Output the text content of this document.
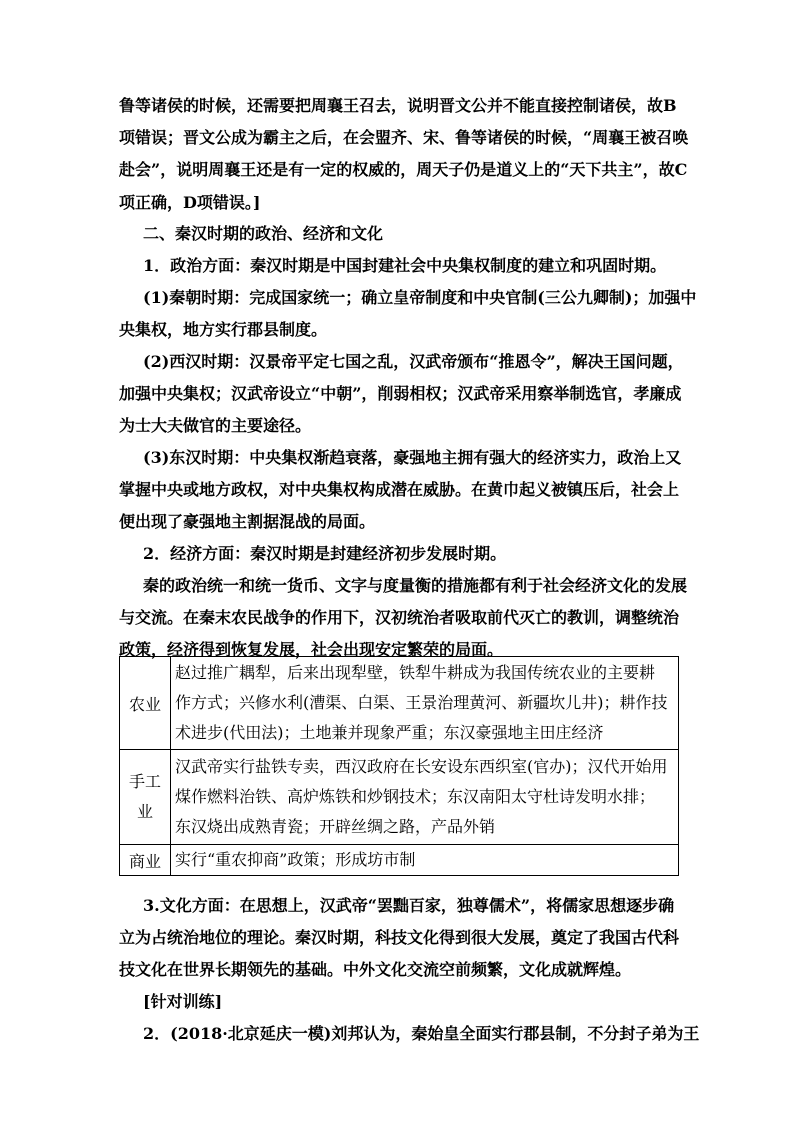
鲁等诸侯的时候，还需要把周襄王召去，说明晋文公并不能直接控制诸侯，故B
项错误；晋文公成为霸主之后，在会盟齐、宋、鲁等诸侯的时候，“周襄王被召唤
赴会”，说明周襄王还是有一定的权威的，周天子仍是道义上的“天下共主”，故C
项正确，D项错误。]
二、秦汉时期的政治、经济和文化
1．政治方面：秦汉时期是中国封建社会中央集权制度的建立和巩固时期。
(1)秦朝时期：完成国家统一；确立皇帝制度和中央官制(三公九卿制)；加强中
央集权，地方实行郡县制度。
(2)西汉时期：汉景帝平定七国之乱，汉武帝颁布“推恩令”，解决王国问题，
加强中央集权；汉武帝设立“中朝”，削弱相权；汉武帝采用察举制选官，孝廉成
为士大夫做官的主要途径。
(3)东汉时期：中央集权渐趋衰落，豪强地主拥有强大的经济实力，政治上又
掌握中央或地方政权，对中央集权构成潜在威胁。在黄巾起义被镇压后，社会上
便出现了豪强地主割据混战的局面。
2．经济方面：秦汉时期是封建经济初步发展时期。
秦的政治统一和统一货币、文字与度量衡的措施都有利于社会经济文化的发展
与交流。在秦末农民战争的作用下，汉初统治者吸取前代灭亡的教训，调整统治
政策，经济得到恢复发展，社会出现安定繁荣的局面。
3.文化方面：在思想上，汉武帝“罢黜百家，独尊儒术”，将儒家思想逐步确
立为占统治地位的理论。秦汉时期，科技文化得到很大发展，奠定了我国古代科
技文化在世界长期领先的基础。中外文化交流空前频繁，文化成就辉煌。
[针对训练]
2．(2018·北京延庆一模)刘邦认为，秦始皇全面实行郡县制，不分封子弟为王
农业	赵过推广耦犁，后来出现犁壁，铁犁牛耕成为我国传统农业的主要耕
作方式；兴修水利(漕渠、白渠、王景治理黄河、新疆坎儿井)；耕作技
术进步(代田法)；土地兼并现象严重；东汉豪强地主田庄经济

手工
业	汉武帝实行盐铁专卖，西汉政府在长安设东西织室(官办)；汉代开始用
煤作燃料治铁、高炉炼铁和炒钢技术；东汉南阳太守杜诗发明水排；
东汉烧出成熟青瓷；开辟丝绸之路，产品外销

商业	实行“重农抑商”政策；形成坊市制
